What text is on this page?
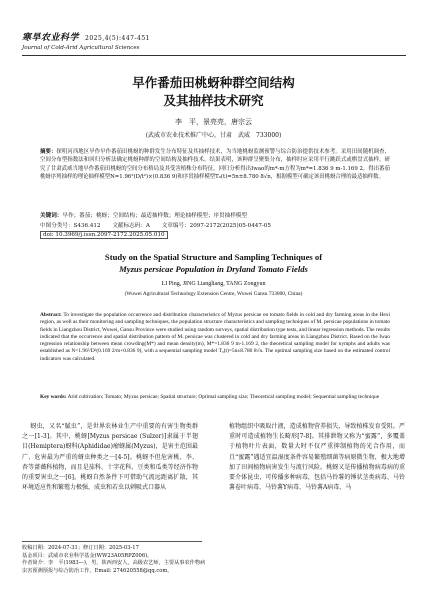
寒旱农业科学 2025,4(5):447-451
Journal of Cold-Arid Agricultural Sciences
早作番茄田桃蚜种群空间结构
及其抽样技术研究
李　平，景亮亮，唐宗云
(武威市农业技术推广中心，甘肃　武威　733000)
摘要：探明河西地区旱作早作番茄田桃蚜的种群发生分布特征及其抽样技术，为当地桃蚜监测预警与综合防治提供技术参考。采用田间随机调查，空间分布型指数法和回归分析法确定桃蚜种群的空间结构及抽样技术。结果表明，该种群呈聚集分布，抽样时应采用平行跳跃式或棋盘式抽样，研究了甘肃武威当地早作番茄田桃蚜的空间分布格局及其受害植株分布特征。回归分析得出Iwao的m*-m方程为m*=1.836 9 m-1.169 2，得出番茄桃蚜序列抽样的理论抽样模型N=1.96²(D/t²)×(0.836 9)和序贯抽样模型T₀(t)=5n±8.780 8√n，根据模型可确定该田桃蚜合理的最适抽样数。
关键词：早作；番茄；桃蚜；空间结构；最适抽样数；理论抽样模型；序贯抽样模型
中图分类号：S436.412 文献标志码：A 文章编号：2097-2172(2025)05-0447-05
doi: 10.3969/j.issn.2097-2172.2025.05.010
Study on the Spatial Structure and Sampling Techniques of
Myzus persicae Population in Dryland Tomato Fields
LI Ping, JING Liangliang, TANG Zongyun
(Wuwei Agricultural Technology Extension Centre, Wuwei Gansu 733000, China)
Abstract: To investigate the population occurrence and distribution characteristics of Myzus persicae on tomato fields in cold and dry farming areas in the Hexi region, as well as their monitoring and sampling techniques, the population structure characteristics and sampling techniques of M. persicae populations in tomato fields in Liangzhou District, Wuwei, Gansu Province were studied using random surveys, spatial distribution type tests, and linear regression methods. The results indicated that the occurrence and spatial distribution pattern of M. persicae was clustered in cold and dry farming areas in Liangzhou District. Based on the Iwao regression relationship between mean crowding(M*) and mean density(m), M*=1.836 9 m-1.169 2, the theoretical sampling model for nymphs and adults was established as N=1.96²/D²(0.169 2/m+0.836 9), with a sequential sampling model T₀(t)=5n±8.780 8√n. The optimal sampling size based on the estimated control indicators was calculated.
Key words: Arid cultivation; Tomato; Myzus persicae; Spatial structure; Optimal sampling size; Theoretical sampling model; Sequential sampling technique
蚜虫，又名“腻虫”，是世界农林业生产中重要的有害生物类群之一[1-3]。其中，桃蚜[Myzus persicae (Sulzer)]隶属于半翅目(Hemiptera)蚜科(Aphididae)瘤蚜属(Myzus)，是害主范围最广、危害最为严重的蚜虫种类之一[4-5]。桃蚜不但危害桃、李、杏等蔷薇科植物，而且是茄科、十字花科、豆类和瓜类等经济作物的重要害虫之一[6]。桃蚜自然条件下可借助气流远距离扩散，其环境适应性和繁殖力极强，成虫和若虫以刺吸式口器从
植物组织中吸取汁液，造成植物营养损失，导致植株发育受阻。严重时可造成植物生长畸形[7-8]。其排泄物又称为“蜜露”，多覆盖于植物叶片表面，数量大时不仅严重抑制植物的光合作用，而且“蜜露”遇适宜温湿度条件容易繁殖细菌等病原微生物，极大地增加了田间植物病害发生与流行风险。桃蚜又是传播植物病毒病的重要介体昆虫，可传播多种病毒，包括马铃薯的锤状茎类病毒、马铃薯卷叶病毒、马铃薯Y病毒、马铃薯A病毒、马
收稿日期：2024-07-31；修订日期：2025-03-17
基金项目：武威市农业科学基金(WW23A05RPZ006)。
作者简介：李　平(1983—)，男，陕西西安人，高级农艺师，主要从事农作物病虫害预测预报与综合防治工作。Email: 274620558@qq.com。
